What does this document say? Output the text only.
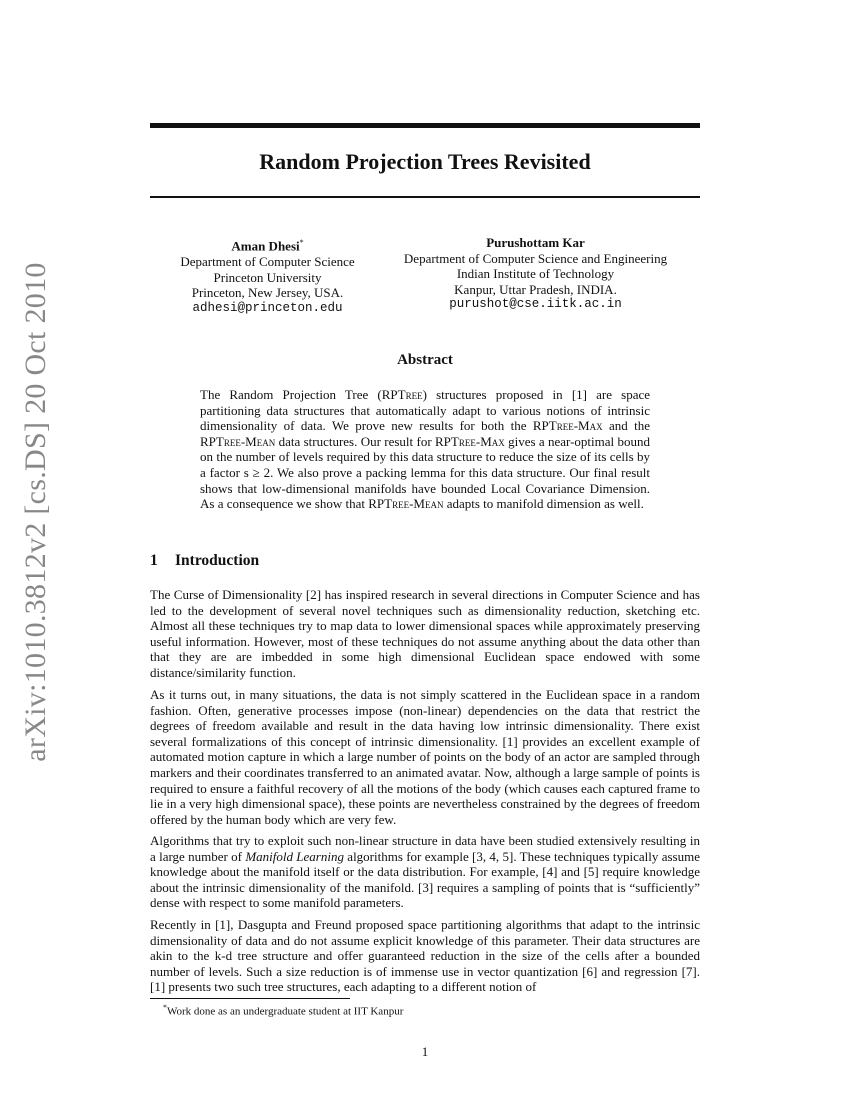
arXiv:1010.3812v2 [cs.DS] 20 Oct 2010
Random Projection Trees Revisited
Aman Dhesi*
Department of Computer Science
Princeton University
Princeton, New Jersey, USA.
adhesi@princeton.edu
Purushottam Kar
Department of Computer Science and Engineering
Indian Institute of Technology
Kanpur, Uttar Pradesh, INDIA.
purushot@cse.iitk.ac.in
Abstract
The Random Projection Tree (RPTree) structures proposed in [1] are space partitioning data structures that automatically adapt to various notions of intrinsic dimensionality of data. We prove new results for both the RPTree-Max and the RPTree-Mean data structures. Our result for RPTree-Max gives a near-optimal bound on the number of levels required by this data structure to reduce the size of its cells by a factor s ≥ 2. We also prove a packing lemma for this data structure. Our final result shows that low-dimensional manifolds have bounded Local Covariance Dimension. As a consequence we show that RPTree-Mean adapts to manifold dimension as well.
1 Introduction
The Curse of Dimensionality [2] has inspired research in several directions in Computer Science and has led to the development of several novel techniques such as dimensionality reduction, sketching etc. Almost all these techniques try to map data to lower dimensional spaces while approximately preserving useful information. However, most of these techniques do not assume anything about the data other than that they are are imbedded in some high dimensional Euclidean space endowed with some distance/similarity function.
As it turns out, in many situations, the data is not simply scattered in the Euclidean space in a random fashion. Often, generative processes impose (non-linear) dependencies on the data that restrict the degrees of freedom available and result in the data having low intrinsic dimensionality. There exist several formalizations of this concept of intrinsic dimensionality. [1] provides an excellent example of automated motion capture in which a large number of points on the body of an actor are sampled through markers and their coordinates transferred to an animated avatar. Now, although a large sample of points is required to ensure a faithful recovery of all the motions of the body (which causes each captured frame to lie in a very high dimensional space), these points are nevertheless constrained by the degrees of freedom offered by the human body which are very few.
Algorithms that try to exploit such non-linear structure in data have been studied extensively resulting in a large number of Manifold Learning algorithms for example [3, 4, 5]. These techniques typically assume knowledge about the manifold itself or the data distribution. For example, [4] and [5] require knowledge about the intrinsic dimensionality of the manifold. [3] requires a sampling of points that is “sufficiently” dense with respect to some manifold parameters.
Recently in [1], Dasgupta and Freund proposed space partitioning algorithms that adapt to the intrinsic dimensionality of data and do not assume explicit knowledge of this parameter. Their data structures are akin to the k-d tree structure and offer guaranteed reduction in the size of the cells after a bounded number of levels. Such a size reduction is of immense use in vector quantization [6] and regression [7]. [1] presents two such tree structures, each adapting to a different notion of
*Work done as an undergraduate student at IIT Kanpur
1
